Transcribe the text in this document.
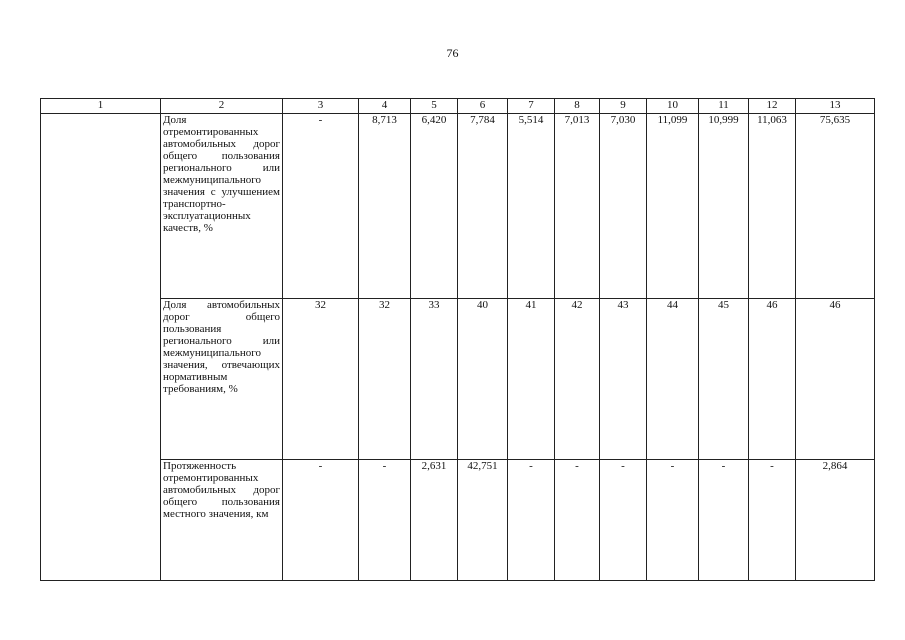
76
1	2	3	4	5	6	7	8	9	10	11	12	13
	Доля отремонтированных автомобильных дорог общего пользования регионального или межмуниципального значения с улучшением транспортно-эксплуатационных качеств, %	-	8,713	6,420	7,784	5,514	7,013	7,030	11,099	10,999	11,063	75,635
	Доля автомобильных дорог общего пользования регионального или межмуниципального значения, отвечающих нормативным требованиям, %	32	32	33	40	41	42	43	44	45	46	46
	Протяженность отремонтированных автомобильных дорог общего пользования местного значения, км	-	-	2,631	42,751	-	-	-	-	-	-	2,864
